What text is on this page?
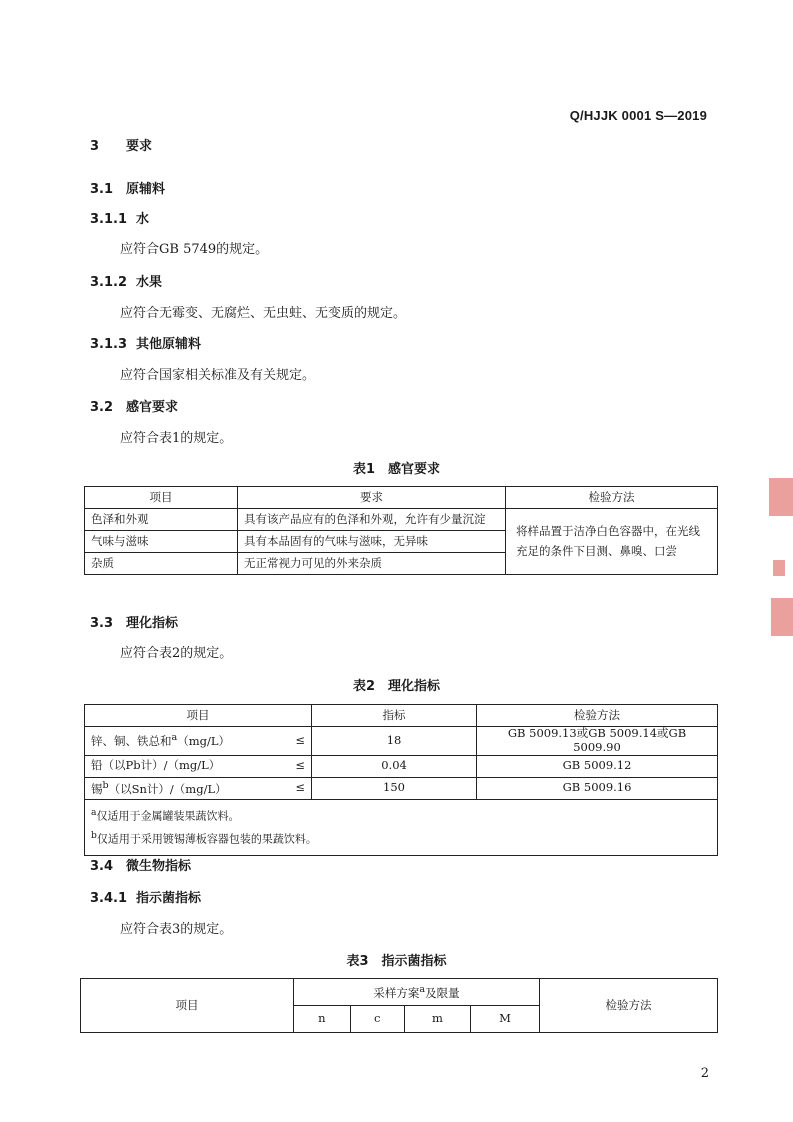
Q/HJJK 0001 S—2019
3 要求
3.1 原辅料
3.1.1 水
应符合GB 5749的规定。
3.1.2 水果
应符合无霉变、无腐烂、无虫蛀、无变质的规定。
3.1.3 其他原辅料
应符合国家相关标准及有关规定。
3.2 感官要求
应符合表1的规定。
表1　感官要求
项目	要求	检验方法
色泽和外观	具有该产品应有的色泽和外观，允许有少量沉淀	将样品置于洁净白色容器中，在光线充足的条件下目测、鼻嗅、口尝
气味与滋味	具有本品固有的气味与滋味，无异味	
杂质	无正常视力可见的外来杂质	
3.3 理化指标
应符合表2的规定。
表2　理化指标
项目		指标	检验方法
锌、铜、铁总和$^a$（mg/L）	≤	18	GB 5009.13或GB 5009.14或GB 5009.90
铅（以Pb计）/（mg/L）	≤	0.04	GB 5009.12
锡$^b$（以Sn计）/（mg/L）	≤	150	GB 5009.16

$^a$仅适用于金属罐装果蔬饮料。
$^b$仅适用于采用镀锡薄板容器包装的果蔬饮料。			
3.4 微生物指标
3.4.1 指示菌指标
应符合表3的规定。
表3　指示菌指标
项目	采样方案$^a$及限量				检验方法
	n	c	m	M	
2
